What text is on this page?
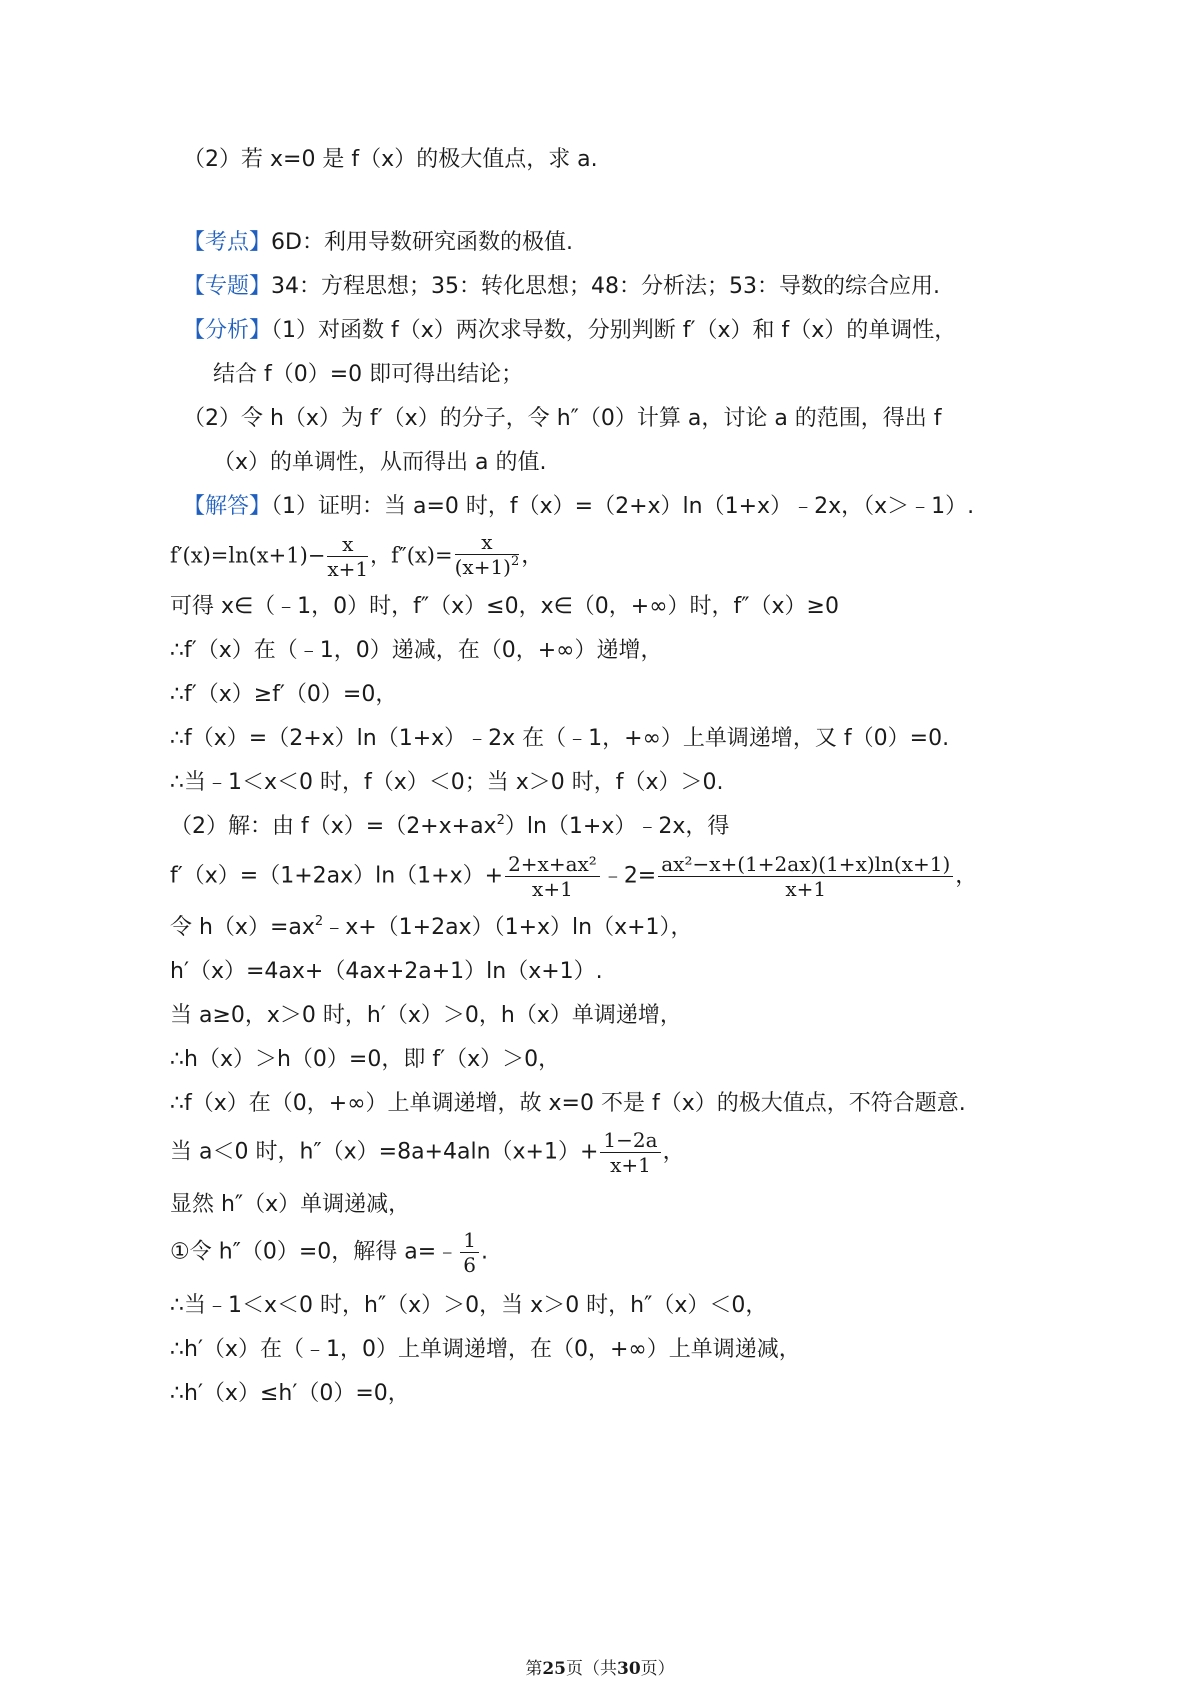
（2）若 x=0 是 f（x）的极大值点，求 a.
【考点】6D：利用导数研究函数的极值.
【专题】34：方程思想；35：转化思想；48：分析法；53：导数的综合应用.
【分析】（1）对函数 f（x）两次求导数，分别判断 f′（x）和 f（x）的单调性，
结合 f（0）=0 即可得出结论；
（2）令 h（x）为 f′（x）的分子，令 h″（0）计算 a，讨论 a 的范围，得出 f
（x）的单调性，从而得出 a 的值.
【解答】（1）证明：当 a=0 时，f（x）=（2+x）ln（1+x）﹣2x，（x＞﹣1）.
$f'(x)=\ln(x+1)- \frac{x}{x+1}$ ，$f''(x)= \frac{x}{(x+1)^2}$ ，
可得 x∈（﹣1，0）时，f″（x）≤0，x∈（0，+∞）时，f″（x）≥0
∴f′（x）在（﹣1，0）递减，在（0，+∞）递增，
∴f′（x）≥f′（0）=0，
∴f（x）=（2+x）ln（1+x）﹣2x 在（﹣1，+∞）上单调递增，又 f（0）=0.
∴当﹣1＜x＜0 时，f（x）＜0；当 x＞0 时，f（x）＞0.
（2）解：由 $f(x)=(2+x+ax^2)\ln(1+x)﹣2x$，得
$f'(x)=(1+2ax)\ln(1+x)+ \frac{\text{2+x+ax²}}{x+1}$ ﹣2= $\frac{\text{ax²−x+(1+2ax)(1+x)ln(x+1)}}{x+1}$ ，
令 $h(x)=ax^2﹣x+(1+2ax)(1+x)\ln(x+1)$，
h′（x）=4ax+（4ax+2a+1）ln（x+1）.
当 a≥0，x＞0 时，h′（x）＞0，h（x）单调递增，
∴h（x）＞h（0）=0，即 f′（x）＞0，
∴f（x）在（0，+∞）上单调递增，故 x=0 不是 f（x）的极大值点，不符合题意.
当 a＜0 时，$h''(x)=8a+4aln(x+1)+ \frac{1-2a}{x+1}$ ，
显然 h″（x）单调递减，
①令 h″（0）=0，解得 a=﹣ $\frac{1}{6}$ .
∴当﹣1＜x＜0 时，h″（x）＞0，当 x＞0 时，h″（x）＜0，
∴h′（x）在（﹣1，0）上单调递增，在（0，+∞）上单调递减，
∴h′（x）≤h′（0）=0，
第25页（共30页）
